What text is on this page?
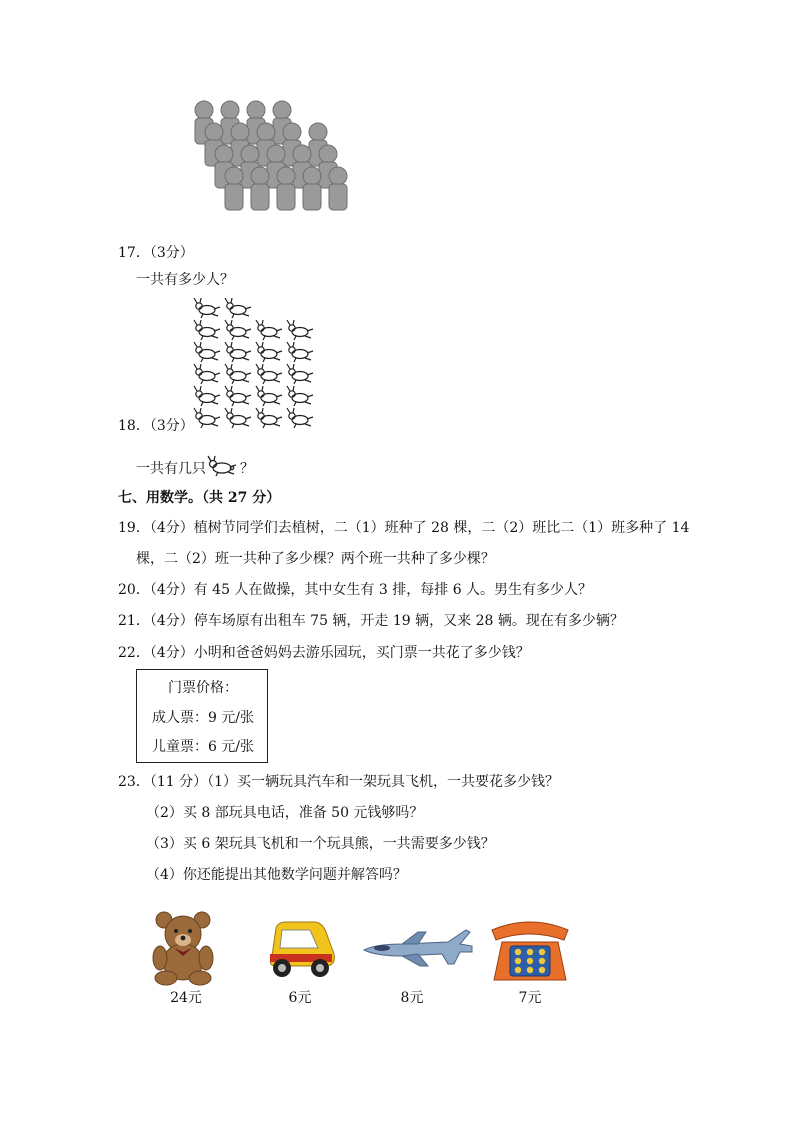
17．（3分）
一共有多少人？
18．（3分）
一共有几只 ？
七、用数学。（共 27 分）
19．（4分）植树节同学们去植树，二（1）班种了 28 棵，二（2）班比二（1）班多种了 14
棵，二（2）班一共种了多少棵？两个班一共种了多少棵？
20．（4分）有 45 人在做操，其中女生有 3 排，每排 6 人。男生有多少人？
21．（4分）停车场原有出租车 75 辆，开走 19 辆，又来 28 辆。现在有多少辆？
22．（4分）小明和爸爸妈妈去游乐园玩，买门票一共花了多少钱？
门票价格：
成人票：9 元/张
儿童票：6 元/张
23．（11 分）（1）买一辆玩具汽车和一架玩具飞机，一共要花多少钱？
（2）买 8 部玩具电话，准备 50 元钱够吗？
（3）买 6 架玩具飞机和一个玩具熊，一共需要多少钱？
（4）你还能提出其他数学问题并解答吗？
24元	6元	8元	7元
